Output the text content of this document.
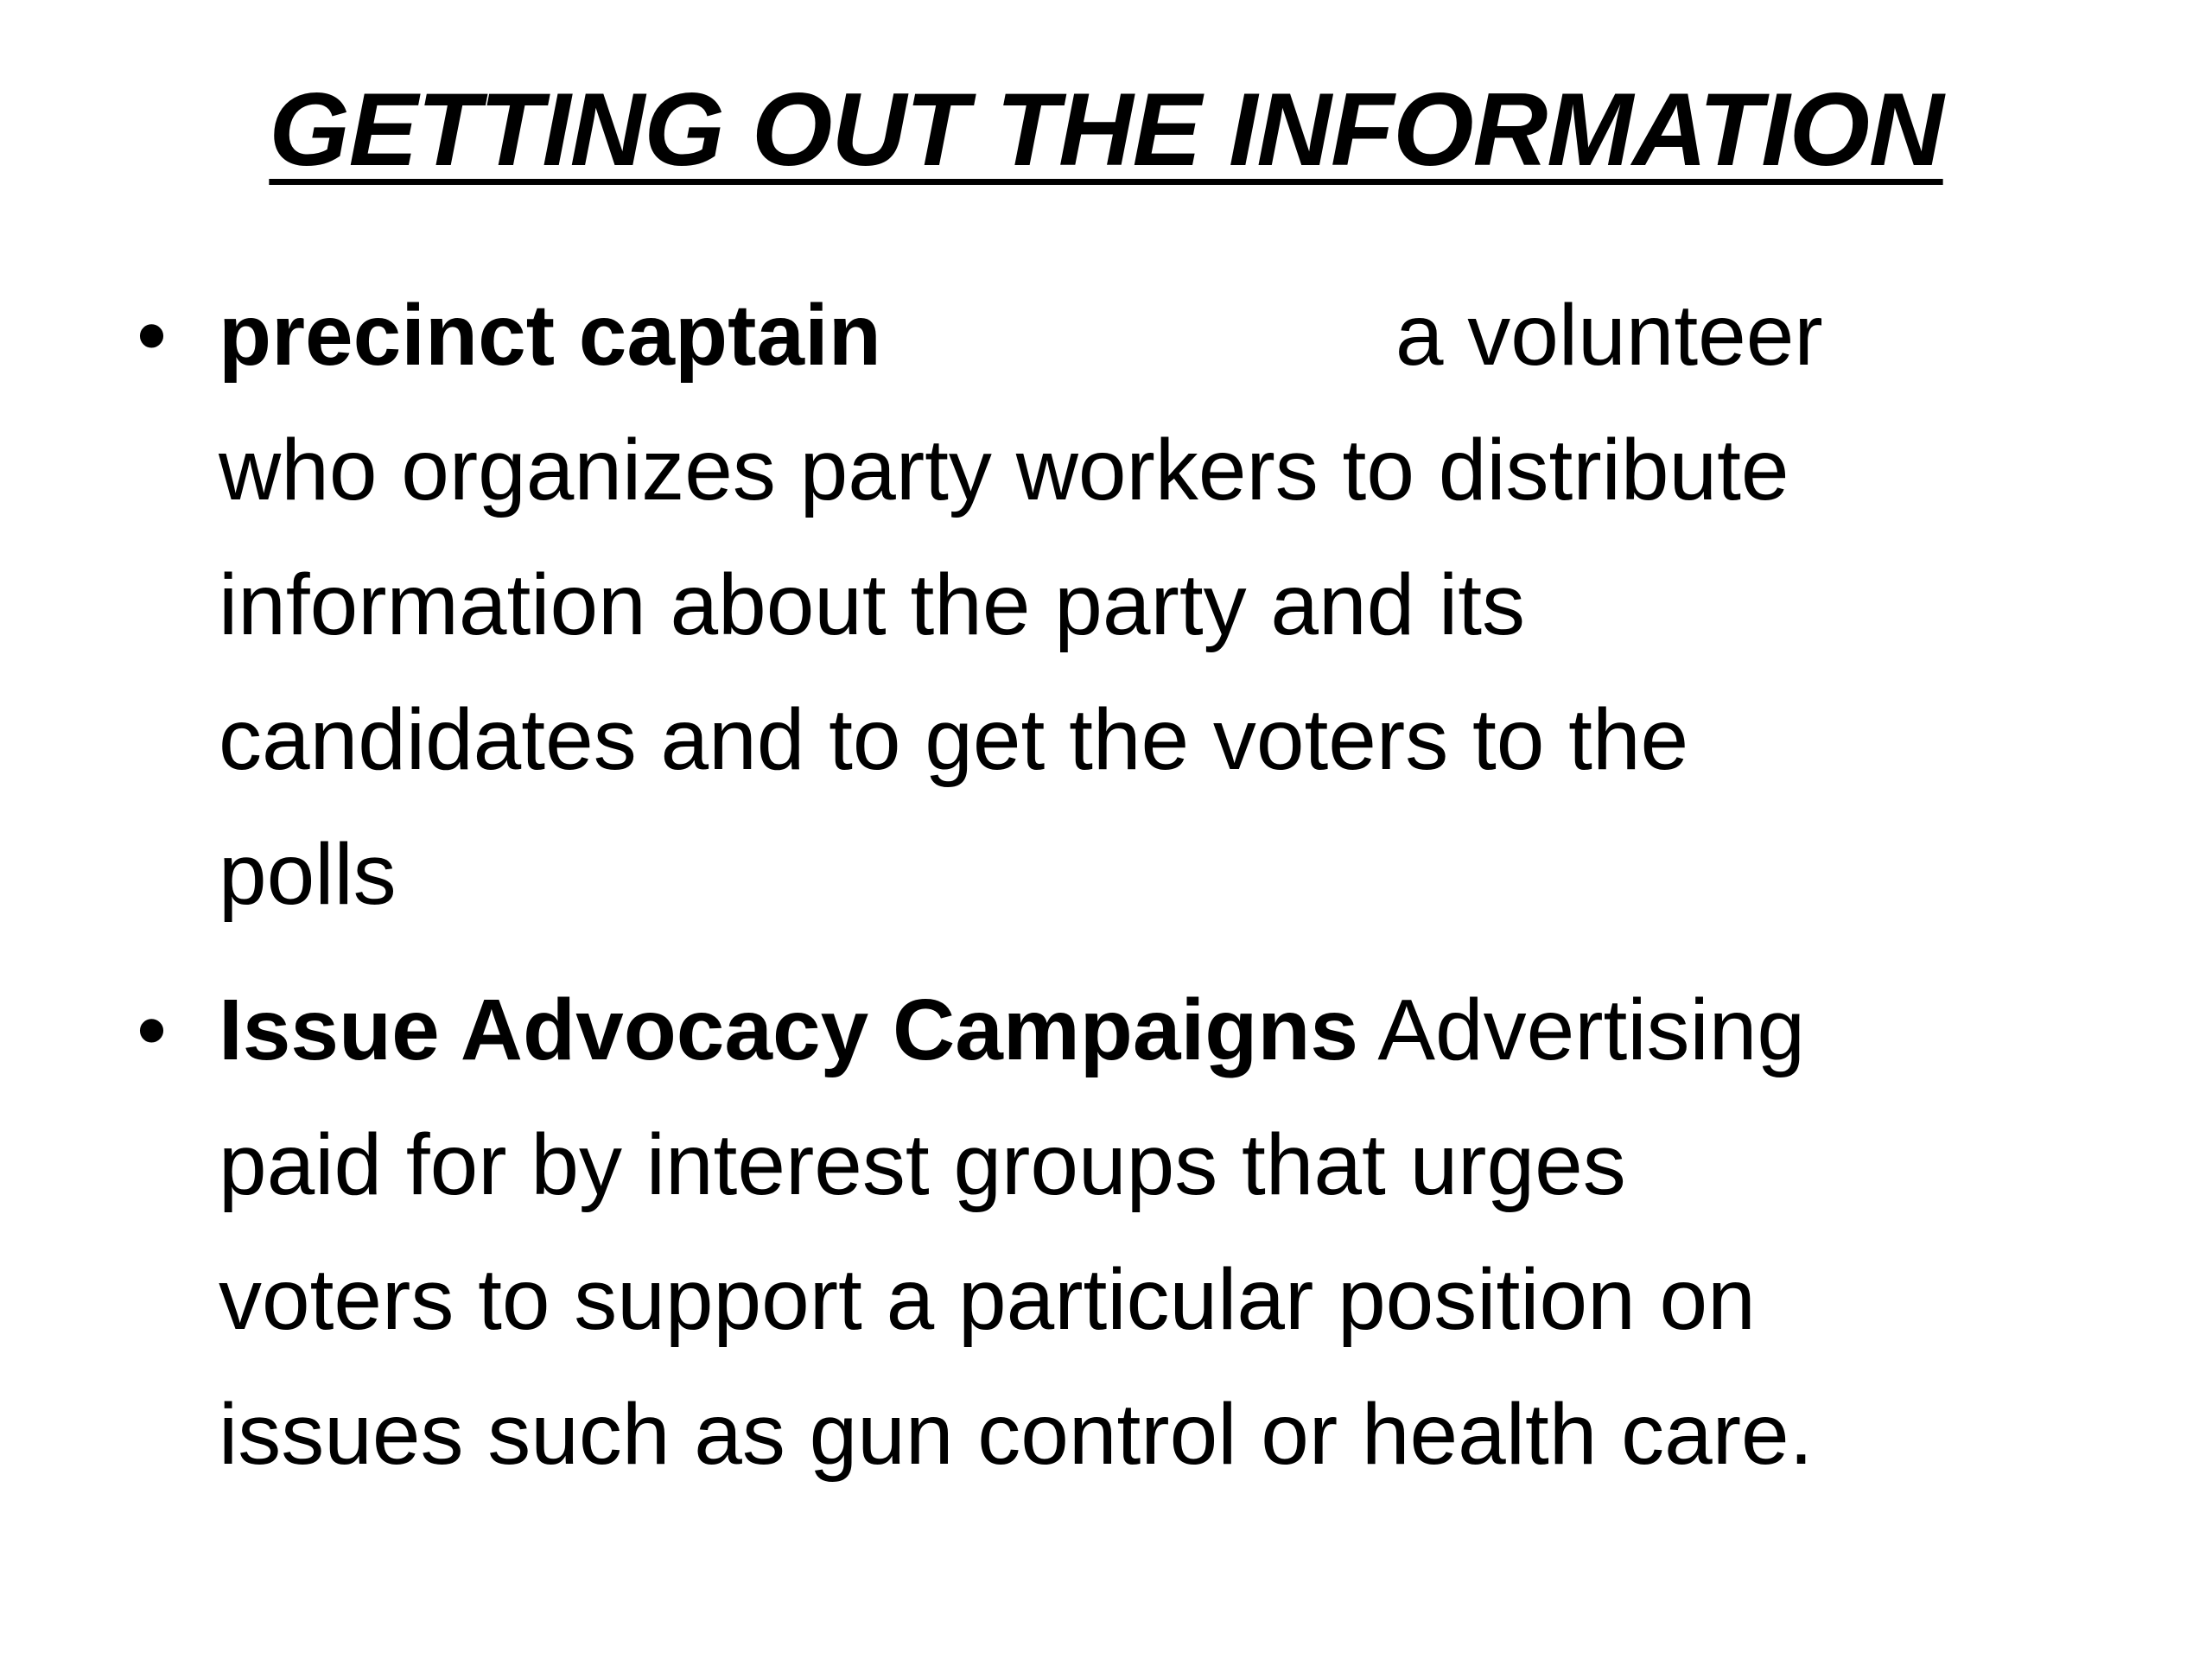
GETTING OUT THE INFORMATION
• precinct captain	a volunteer
who organizes party workers to distribute
information about the party and its
candidates and to get the voters to the
polls
• Issue Advocacy Campaigns Advertising
paid for by interest groups that urges
voters to support a particular position on
issues such as gun control or health care.
